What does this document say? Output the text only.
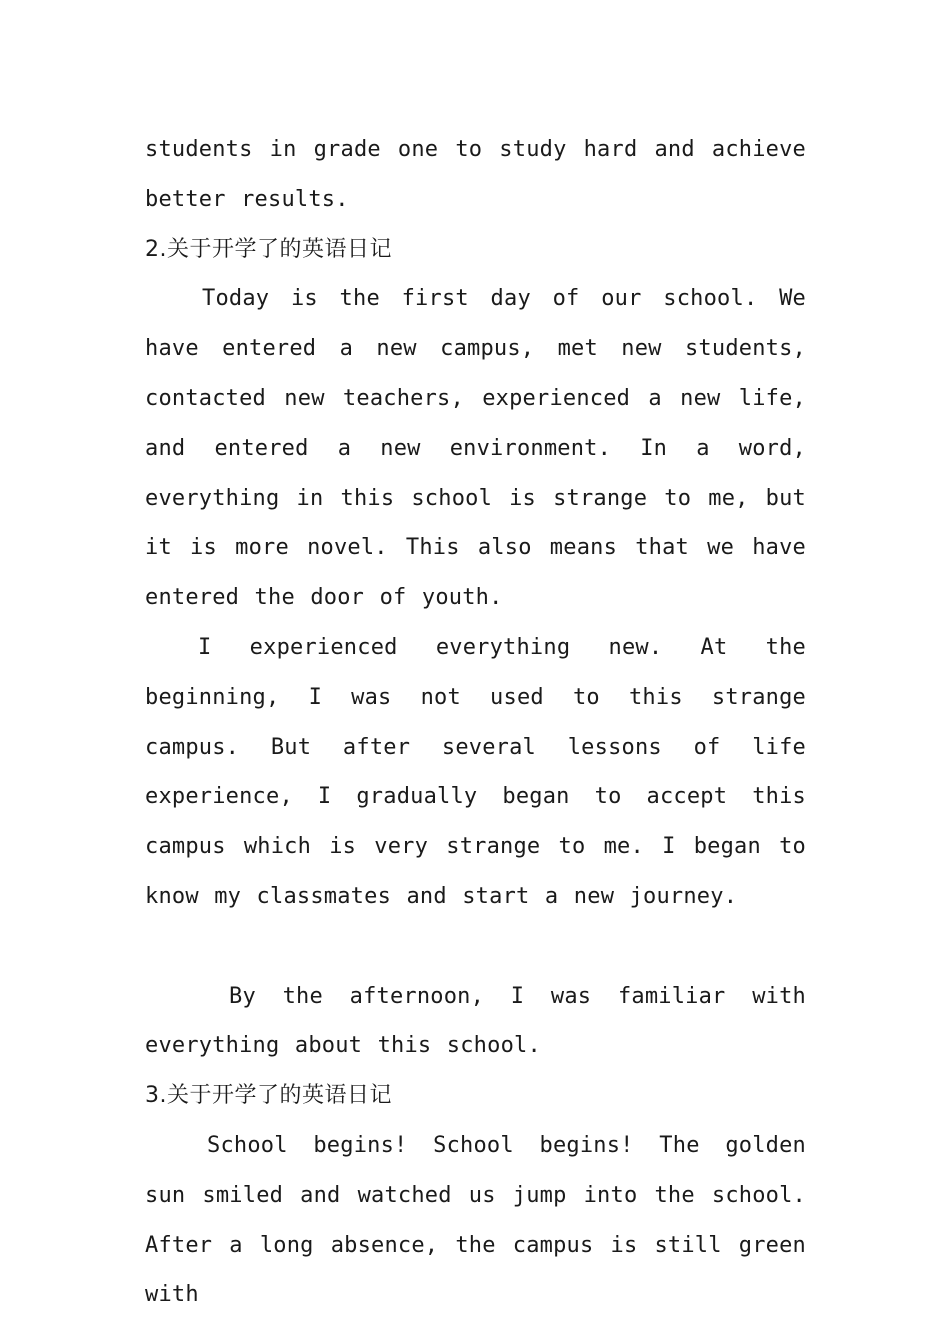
students in grade one to study hard and achieve better results.

2.关于开学了的英语日记

Today is the first day of our school. We have entered a new campus, met new students, contacted new teachers, experienced a new life, and entered a new environment. In a word, everything in this school is strange to me, but it is more novel. This also means that we have entered the door of youth.

I experienced everything new. At the beginning, I was not used to this strange campus. But after several lessons of life experience, I gradually began to accept this campus which is very strange to me. I began to know my classmates and start a new journey.

By the afternoon, I was familiar with everything about this school.

3.关于开学了的英语日记

School begins! School begins! The golden sun smiled and watched us jump into the school. After a long absence, the campus is still green with
